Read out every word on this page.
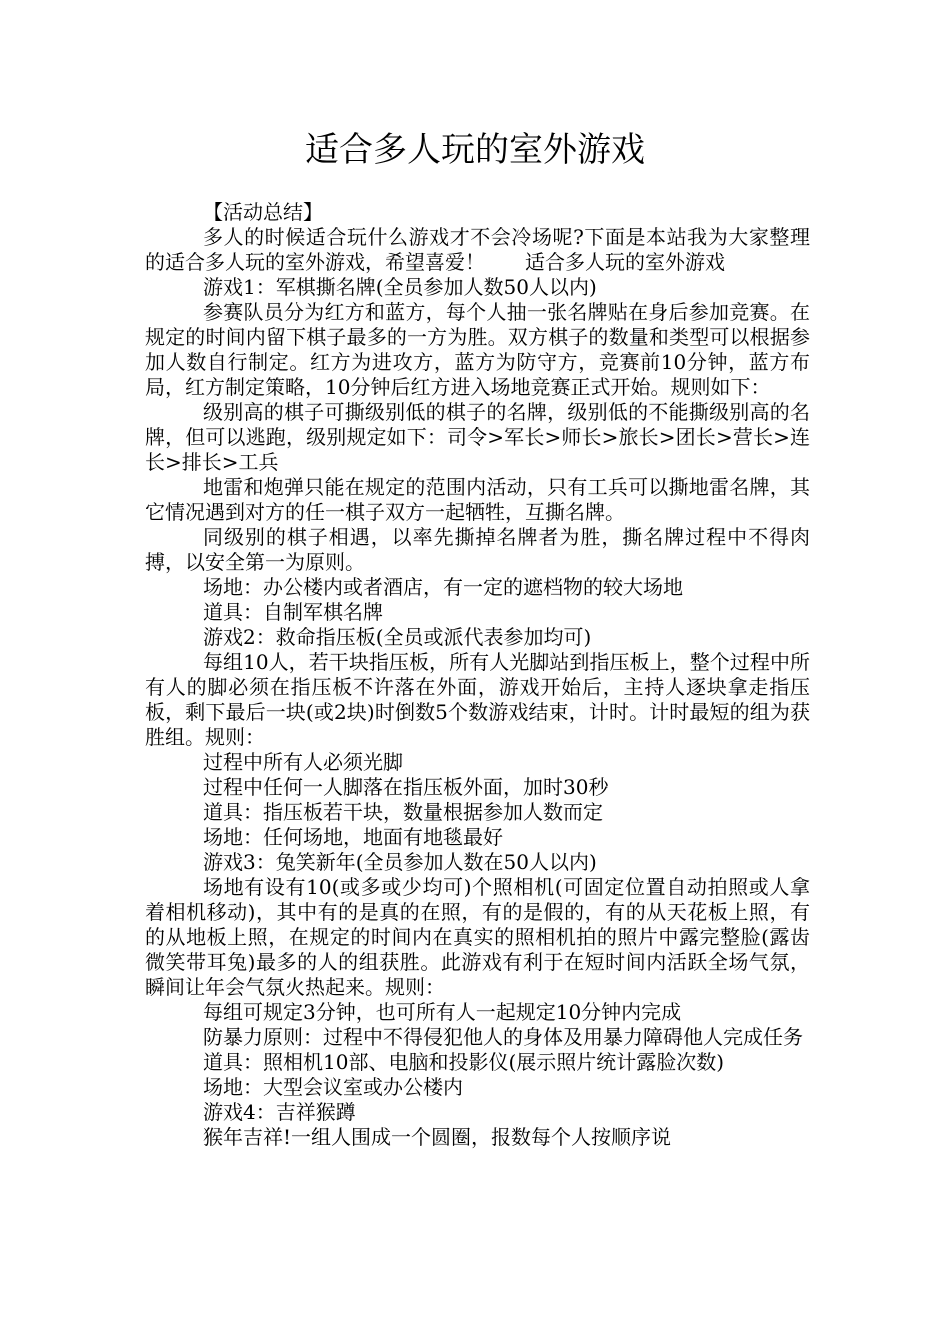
适合多人玩的室外游戏

【活动总结】

多人的时候适合玩什么游戏才不会冷场呢?下面是本站我为大家整理的适合多人玩的室外游戏，希望喜爱！　　适合多人玩的室外游戏

游戏1：军棋撕名牌(全员参加人数50人以内)

参赛队员分为红方和蓝方，每个人抽一张名牌贴在身后参加竞赛。在规定的时间内留下棋子最多的一方为胜。双方棋子的数量和类型可以根据参加人数自行制定。红方为进攻方，蓝方为防守方，竞赛前10分钟，蓝方布局，红方制定策略，10分钟后红方进入场地竞赛正式开始。规则如下：

级别高的棋子可撕级别低的棋子的名牌，级别低的不能撕级别高的名牌，但可以逃跑，级别规定如下：司令>军长>师长>旅长>团长>营长>连长>排长>工兵

地雷和炮弹只能在规定的范围内活动，只有工兵可以撕地雷名牌，其它情况遇到对方的任一棋子双方一起牺牲，互撕名牌。

同级别的棋子相遇，以率先撕掉名牌者为胜，撕名牌过程中不得肉搏，以安全第一为原则。

场地：办公楼内或者酒店，有一定的遮档物的较大场地

道具：自制军棋名牌

游戏2：救命指压板(全员或派代表参加均可)

每组10人，若干块指压板，所有人光脚站到指压板上，整个过程中所有人的脚必须在指压板不许落在外面，游戏开始后，主持人逐块拿走指压板，剩下最后一块(或2块)时倒数5个数游戏结束，计时。计时最短的组为获胜组。规则：

过程中所有人必须光脚

过程中任何一人脚落在指压板外面，加时30秒

道具：指压板若干块，数量根据参加人数而定

场地：任何场地，地面有地毯最好

游戏3：兔笑新年(全员参加人数在50人以内)

场地有设有10(或多或少均可)个照相机(可固定位置自动拍照或人拿着相机移动)，其中有的是真的在照，有的是假的，有的从天花板上照，有的从地板上照，在规定的时间内在真实的照相机拍的照片中露完整脸(露齿微笑带耳兔)最多的人的组获胜。此游戏有利于在短时间内活跃全场气氛，瞬间让年会气氛火热起来。规则：

每组可规定3分钟，也可所有人一起规定10分钟内完成

防暴力原则：过程中不得侵犯他人的身体及用暴力障碍他人完成任务

道具：照相机10部、电脑和投影仪(展示照片统计露脸次数)

场地：大型会议室或办公楼内

游戏4：吉祥猴蹲

猴年吉祥!一组人围成一个圆圈，报数每个人按顺序说
